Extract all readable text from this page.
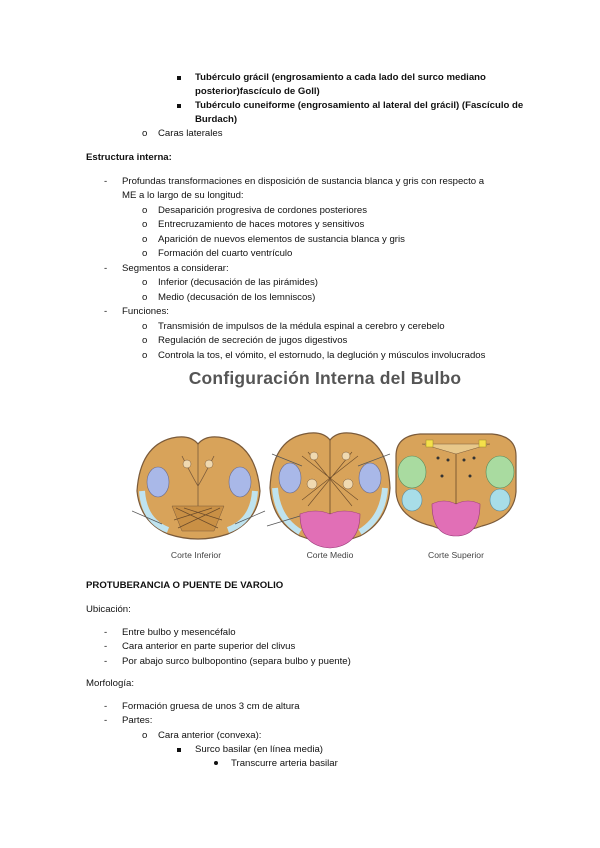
Tubérculo grácil (engrosamiento a cada lado del surco mediano
posterior)fascículo de Goll)
Tubérculo cuneiforme (engrosamiento al lateral del grácil) (Fascículo de
Burdach)
o Caras laterales
Estructura interna:
- Profundas transformaciones en disposición de sustancia blanca y gris con respecto a
ME a lo largo de su longitud:
o Desaparición progresiva de cordones posteriores
o Entrecruzamiento de haces motores y sensitivos
o Aparición de nuevos elementos de sustancia blanca y gris
o Formación del cuarto ventrículo
- Segmentos a considerar:
o Inferior (decusación de las pirámides)
o Medio (decusación de los lemniscos)
- Funciones:
o Transmisión de impulsos de la médula espinal a cerebro y cerebelo
o Regulación de secreción de jugos digestivos
o Controla la tos, el vómito, el estornudo, la deglución y músculos involucrados
Configuración Interna del Bulbo
Corte Inferior	Corte Medio	Corte Superior
PROTUBERANCIA O PUENTE DE VAROLIO
Ubicación:
- Entre bulbo y mesencéfalo
- Cara anterior en parte superior del clivus
- Por abajo surco bulbopontino (separa bulbo y puente)
Morfología:
- Formación gruesa de unos 3 cm de altura
- Partes:
o Cara anterior (convexa):
Surco basilar (en línea media)
Transcurre arteria basilar
